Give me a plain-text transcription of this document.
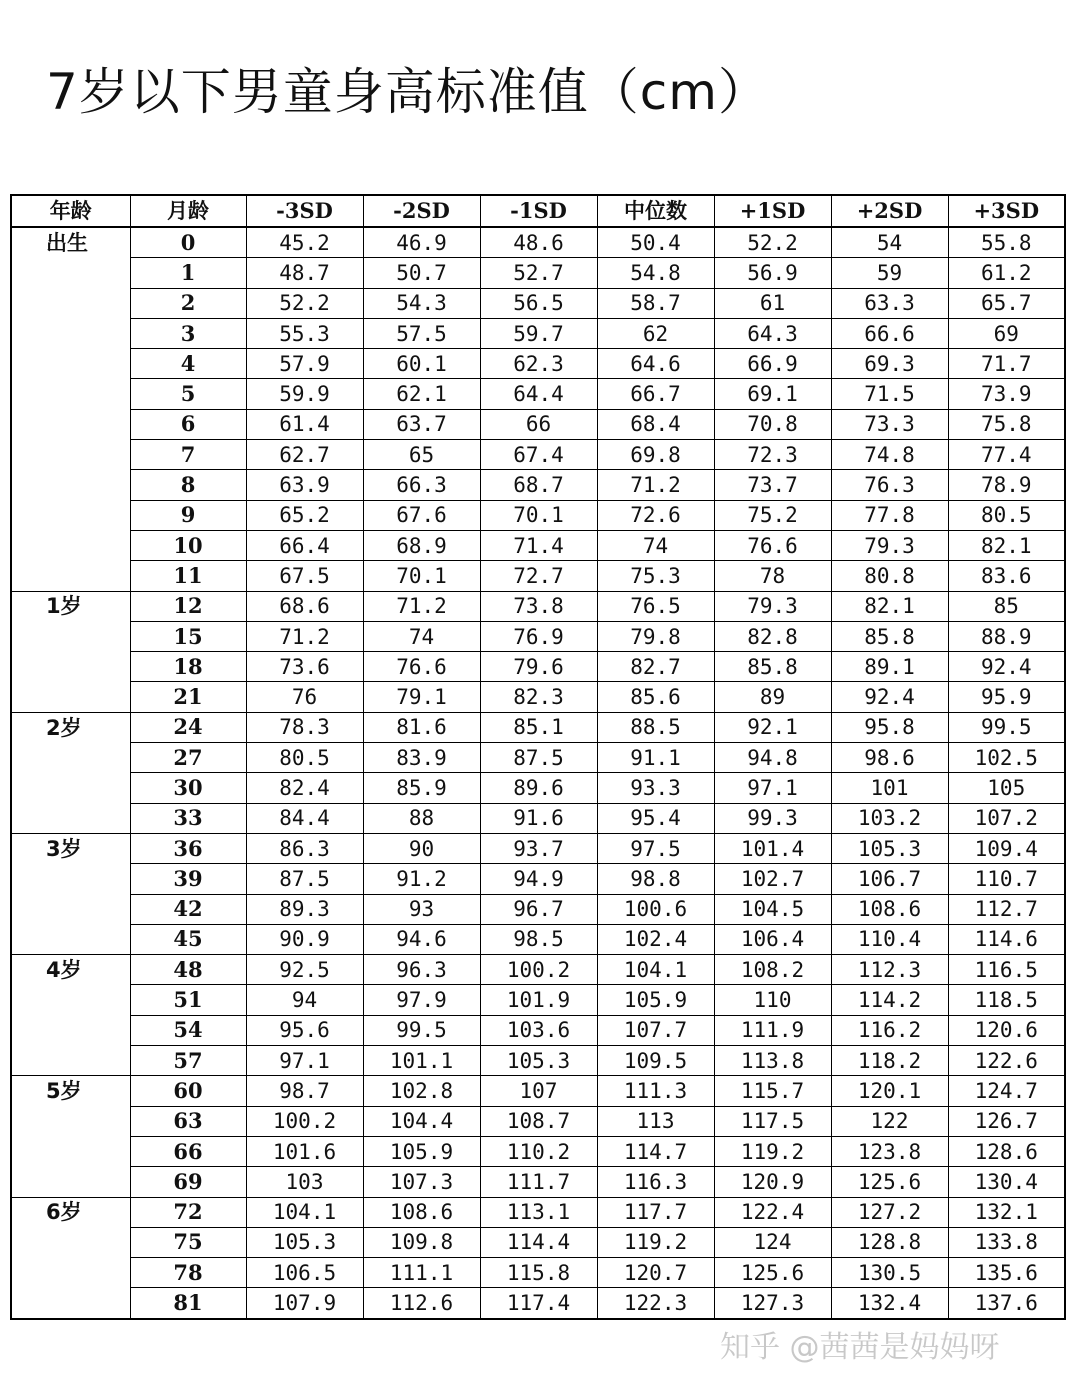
7岁以下男童身高标准值（cm）
年龄	月龄	-3SD	-2SD	-1SD	中位数	+1SD	+2SD	+3SD
出生	0	45.2	46.9	48.6	50.4	52.2	54	55.8
	1	48.7	50.7	52.7	54.8	56.9	59	61.2
	2	52.2	54.3	56.5	58.7	61	63.3	65.7
	3	55.3	57.5	59.7	62	64.3	66.6	69
	4	57.9	60.1	62.3	64.6	66.9	69.3	71.7
	5	59.9	62.1	64.4	66.7	69.1	71.5	73.9
	6	61.4	63.7	66	68.4	70.8	73.3	75.8
	7	62.7	65	67.4	69.8	72.3	74.8	77.4
	8	63.9	66.3	68.7	71.2	73.7	76.3	78.9
	9	65.2	67.6	70.1	72.6	75.2	77.8	80.5
	10	66.4	68.9	71.4	74	76.6	79.3	82.1
	11	67.5	70.1	72.7	75.3	78	80.8	83.6
1岁	12	68.6	71.2	73.8	76.5	79.3	82.1	85
	15	71.2	74	76.9	79.8	82.8	85.8	88.9
	18	73.6	76.6	79.6	82.7	85.8	89.1	92.4
	21	76	79.1	82.3	85.6	89	92.4	95.9
2岁	24	78.3	81.6	85.1	88.5	92.1	95.8	99.5
	27	80.5	83.9	87.5	91.1	94.8	98.6	102.5
	30	82.4	85.9	89.6	93.3	97.1	101	105
	33	84.4	88	91.6	95.4	99.3	103.2	107.2
3岁	36	86.3	90	93.7	97.5	101.4	105.3	109.4
	39	87.5	91.2	94.9	98.8	102.7	106.7	110.7
	42	89.3	93	96.7	100.6	104.5	108.6	112.7
	45	90.9	94.6	98.5	102.4	106.4	110.4	114.6
4岁	48	92.5	96.3	100.2	104.1	108.2	112.3	116.5
	51	94	97.9	101.9	105.9	110	114.2	118.5
	54	95.6	99.5	103.6	107.7	111.9	116.2	120.6
	57	97.1	101.1	105.3	109.5	113.8	118.2	122.6
5岁	60	98.7	102.8	107	111.3	115.7	120.1	124.7
	63	100.2	104.4	108.7	113	117.5	122	126.7
	66	101.6	105.9	110.2	114.7	119.2	123.8	128.6
	69	103	107.3	111.7	116.3	120.9	125.6	130.4
6岁	72	104.1	108.6	113.1	117.7	122.4	127.2	132.1
	75	105.3	109.8	114.4	119.2	124	128.8	133.8
	78	106.5	111.1	115.8	120.7	125.6	130.5	135.6
	81	107.9	112.6	117.4	122.3	127.3	132.4	137.6
知乎 @茜茜是妈妈呀
